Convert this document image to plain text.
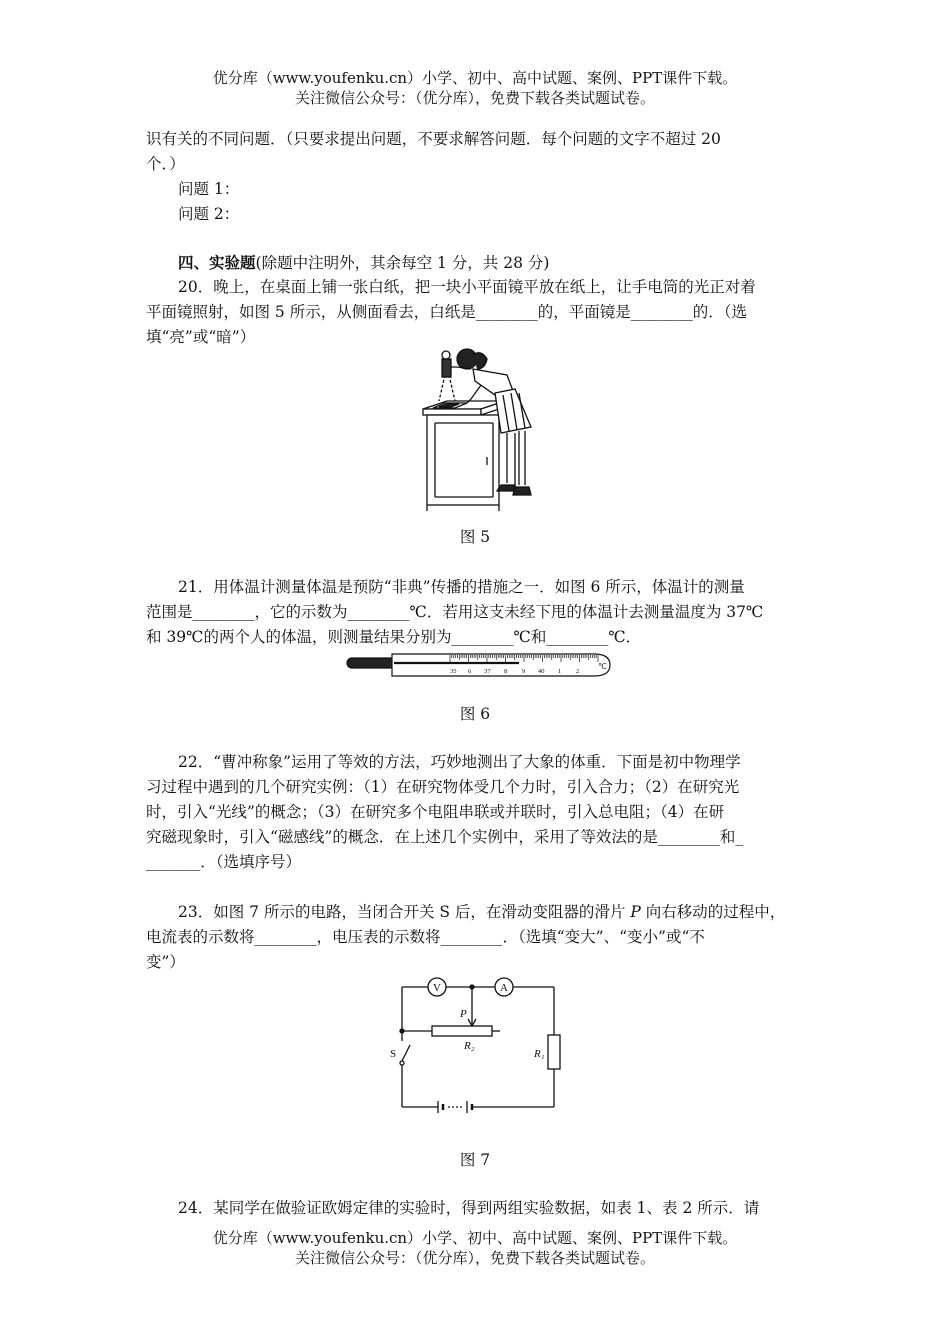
优分库（www.youfenku.cn）小学、初中、高中试题、案例、PPT课件下载。
关注微信公众号：（优分库），免费下载各类试题试卷。
识有关的不同问题．（只要求提出问题，不要求解答问题．每个问题的文字不超过 20
个．）
问题 1：
问题 2：
四、实验题(除题中注明外，其余每空 1 分，共 28 分)
20．晚上，在桌面上铺一张白纸，把一块小平面镜平放在纸上，让手电筒的光正对着
平面镜照射，如图 5 所示，从侧面看去，白纸是________的，平面镜是________的．（选
填“亮”或“暗”）
图 5
21．用体温计测量体温是预防“非典”传播的措施之一．如图 6 所示，体温计的测量
范围是________，它的示数为________℃．若用这支未经下甩的体温计去测量温度为 37℃
和 39℃的两个人的体温，则测量结果分别为________℃和________℃．
35 6 37 8 9 40 1 2
℃
图 6
22．“曹冲称象”运用了等效的方法，巧妙地测出了大象的体重．下面是初中物理学
习过程中遇到的几个研究实例：（1）在研究物体受几个力时，引入合力；（2）在研究光
时，引入“光线”的概念；（3）在研究多个电阻串联或并联时，引入总电阻；（4）在研
究磁现象时，引入“磁感线”的概念．在上述几个实例中，采用了等效法的是________和_
_______．（选填序号）
23．如图 7 所示的电路，当闭合开关 S 后，在滑动变阻器的滑片 P 向右移动的过程中，
电流表的示数将________，电压表的示数将________．（选填“变大”、“变小”或“不
变”）
V	A
P
R₂
R₁
S
图 7
24．某同学在做验证欧姆定律的实验时，得到两组实验数据，如表 1、表 2 所示．请
优分库（www.youfenku.cn）小学、初中、高中试题、案例、PPT课件下载。
关注微信公众号：（优分库），免费下载各类试题试卷。
